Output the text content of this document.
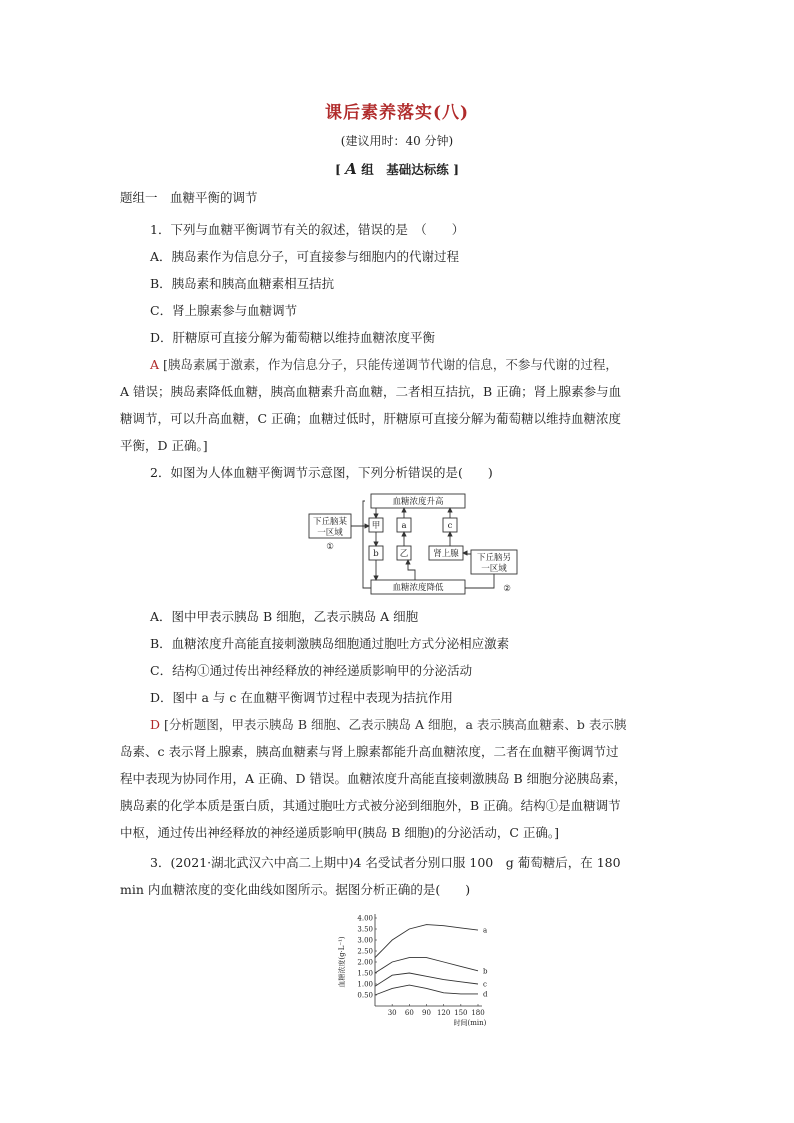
课后素养落实(八)
(建议用时：40 分钟)
[ A 组　基础达标练 ]
题组一　血糖平衡的调节
1．下列与血糖平衡调节有关的叙述，错误的是　（　　）
A．胰岛素作为信息分子，可直接参与细胞内的代谢过程
B．胰岛素和胰高血糖素相互拮抗
C．肾上腺素参与血糖调节
D．肝糖原可直接分解为葡萄糖以维持血糖浓度平衡
A [胰岛素属于激素，作为信息分子，只能传递调节代谢的信息，不参与代谢的过程，
A 错误；胰岛素降低血糖，胰高血糖素升高血糖，二者相互拮抗，B 正确；肾上腺素参与血
糖调节，可以升高血糖，C 正确；血糖过低时，肝糖原可直接分解为葡萄糖以维持血糖浓度
平衡，D 正确。]
2．如图为人体血糖平衡调节示意图，下列分析错误的是(　　)
血糖浓度升高
血糖浓度降低
下丘脑某
一区域
①
下丘脑另
一区域
②
甲 a	c
b 乙	肾上腺
A．图中甲表示胰岛 B 细胞，乙表示胰岛 A 细胞
B．血糖浓度升高能直接刺激胰岛细胞通过胞吐方式分泌相应激素
C．结构①通过传出神经释放的神经递质影响甲的分泌活动
D．图中 a 与 c 在血糖平衡调节过程中表现为拮抗作用
D [分析题图，甲表示胰岛 B 细胞、乙表示胰岛 A 细胞，a 表示胰高血糖素、b 表示胰
岛素、c 表示肾上腺素，胰高血糖素与肾上腺素都能升高血糖浓度，二者在血糖平衡调节过
程中表现为协同作用，A 正确、D 错误。血糖浓度升高能直接刺激胰岛 B 细胞分泌胰岛素，
胰岛素的化学本质是蛋白质，其通过胞吐方式被分泌到细胞外，B 正确。结构①是血糖调节
中枢，通过传出神经释放的神经递质影响甲(胰岛 B 细胞)的分泌活动，C 正确。]
3．(2021·湖北武汉六中高二上期中)4 名受试者分别口服 100　g 葡萄糖后，在 180
min 内血糖浓度的变化曲线如图所示。据图分析正确的是(　　)
0.50
1.00
1.50
2.00
2.50
3.00
3.50
4.00
30 60 90 120 150 180
时间(min)
血糖浓度(g·L⁻¹)
a
b
c
d
